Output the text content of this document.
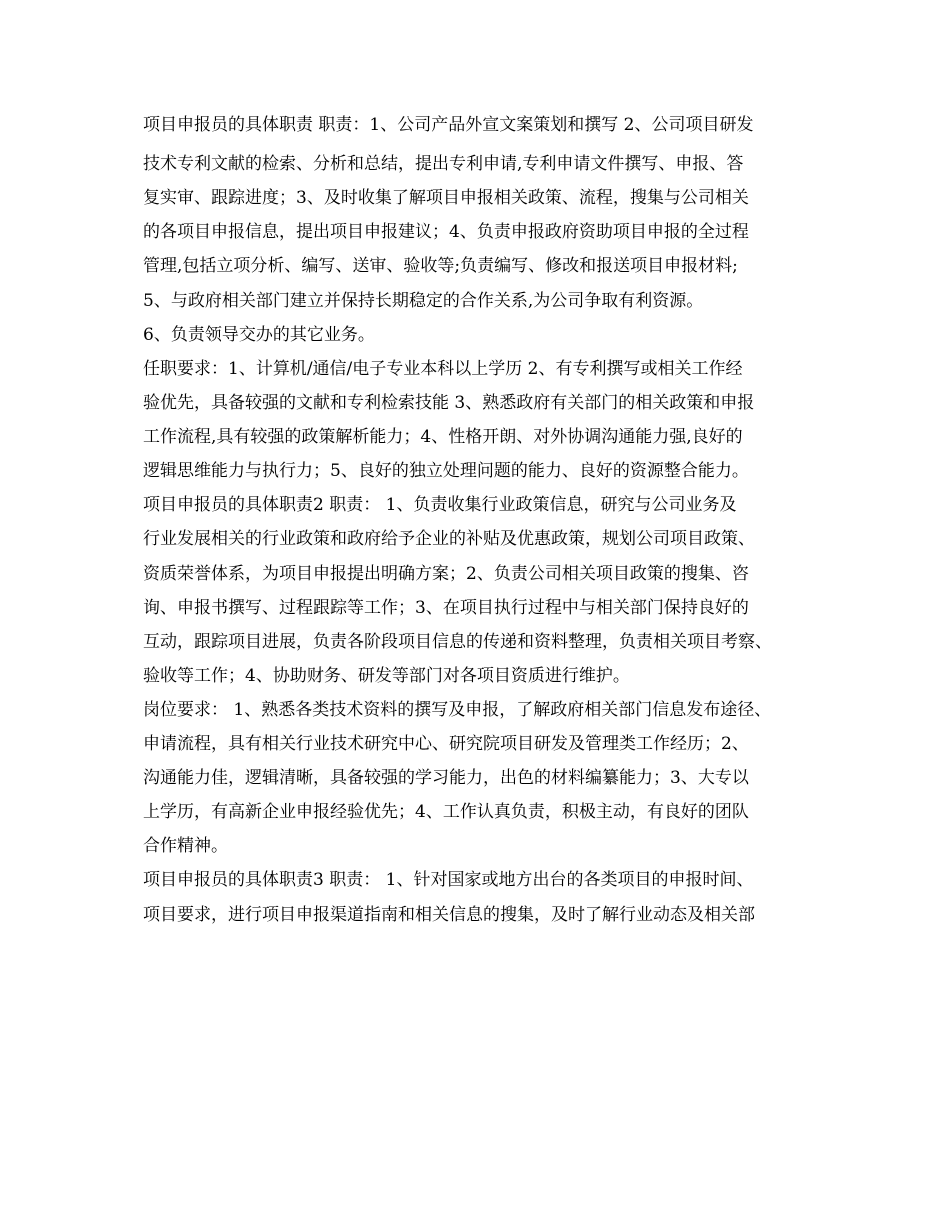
项目申报员的具体职责 职责：1、公司产品外宣文案策划和撰写 2、公司项目研发

技术专利文献的检索、分析和总结，提出专利申请,专利申请文件撰写、申报、答

复实审、跟踪进度；3、及时收集了解项目申报相关政策、流程，搜集与公司相关

的各项目申报信息，提出项目申报建议；4、负责申报政府资助项目申报的全过程

管理,包括立项分析、编写、送审、验收等;负责编写、修改和报送项目申报材料;

5、与政府相关部门建立并保持长期稳定的合作关系,为公司争取有利资源。

6、负责领导交办的其它业务。

任职要求：1、计算机/通信/电子专业本科以上学历 2、有专利撰写或相关工作经

验优先，具备较强的文献和专利检索技能 3、熟悉政府有关部门的相关政策和申报

工作流程,具有较强的政策解析能力；4、性格开朗、对外协调沟通能力强,良好的

逻辑思维能力与执行力；5、良好的独立处理问题的能力、良好的资源整合能力。

项目申报员的具体职责2 职责： 1、负责收集行业政策信息，研究与公司业务及

行业发展相关的行业政策和政府给予企业的补贴及优惠政策，规划公司项目政策、

资质荣誉体系，为项目申报提出明确方案；2、负责公司相关项目政策的搜集、咨

询、申报书撰写、过程跟踪等工作；3、在项目执行过程中与相关部门保持良好的

互动，跟踪项目进展，负责各阶段项目信息的传递和资料整理，负责相关项目考察、

验收等工作；4、协助财务、研发等部门对各项目资质进行维护。

岗位要求： 1、熟悉各类技术资料的撰写及申报，了解政府相关部门信息发布途径、

申请流程，具有相关行业技术研究中心、研究院项目研发及管理类工作经历；2、

沟通能力佳，逻辑清晰，具备较强的学习能力，出色的材料编纂能力；3、大专以

上学历，有高新企业申报经验优先；4、工作认真负责，积极主动，有良好的团队

合作精神。

项目申报员的具体职责3 职责： 1、针对国家或地方出台的各类项目的申报时间、

项目要求，进行项目申报渠道指南和相关信息的搜集，及时了解行业动态及相关部
